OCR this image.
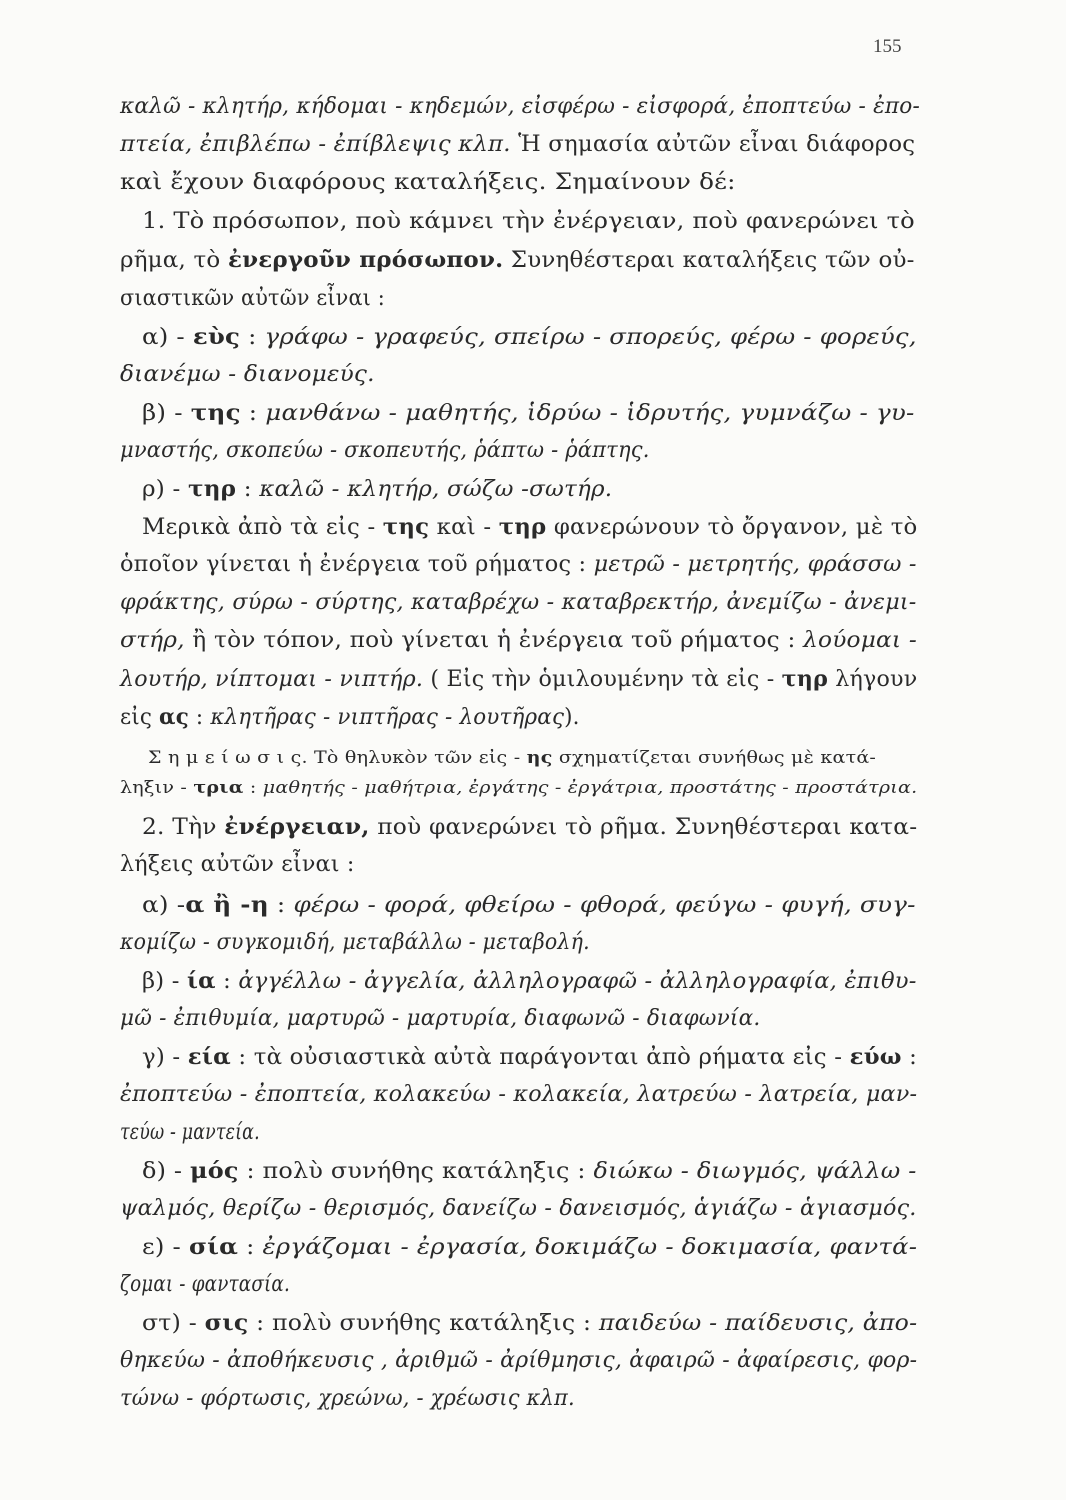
155
καλῶ - κλητήρ, κήδομαι - κηδεμών, εἰσφέρω - εἰσφορά, ἐποπτεύω - ἐπο-
πτεία, ἐπιβλέπω - ἐπίβλεψις κλπ. Ἡ σημασία αὐτῶν εἶναι διάφορος
καὶ ἔχουν διαφόρους καταλήξεις. Σημαίνουν δέ:
1. Τὸ πρόσωπον, ποὺ κάμνει τὴν ἐνέργειαν, ποὺ φανερώνει τὸ
ρῆμα, τὸ ἐνεργοῦν πρόσωπον. Συνηθέστεραι καταλήξεις τῶν οὐ-
σιαστικῶν αὐτῶν εἶναι :
α) - εὺς : γράφω - γραφεύς, σπείρω - σπορεύς, φέρω - φορεύς,
διανέμω - διανομεύς.
β) - της : μανθάνω - μαθητής, ἱδρύω - ἱδρυτής, γυμνάζω - γυ-
μναστής, σκοπεύω - σκοπευτής, ῥάπτω - ῥάπτης.
ρ) - τηρ : καλῶ - κλητήρ, σώζω -σωτήρ.
Μερικὰ ἀπὸ τὰ εἰς - της καὶ - τηρ φανερώνουν τὸ ὄργανον, μὲ τὸ
ὁποῖον γίνεται ἡ ἐνέργεια τοῦ ρήματος : μετρῶ - μετρητής, φράσσω -
φράκτης, σύρω - σύρτης, καταβρέχω - καταβρεκτήρ, ἀνεμίζω - ἀνεμι-
στήρ, ἢ τὸν τόπον, ποὺ γίνεται ἡ ἐνέργεια τοῦ ρήματος : λούομαι -
λουτήρ, νίπτομαι - νιπτήρ. ( Εἰς τὴν ὁμιλουμένην τὰ εἰς - τηρ λήγουν
εἰς ας : κλητῆρας - νιπτῆρας - λουτῆρας).
Σ η μ ε ί ω σ ι ς. Τὸ θηλυκὸν τῶν εἰς - ης σχηματίζεται συνήθως μὲ κατά-
ληξιν - τρια : μαθητής - μαθήτρια, ἐργάτης - ἐργάτρια, προστάτης - προστάτρια.
2. Τὴν ἐνέργειαν, ποὺ φανερώνει τὸ ρῆμα. Συνηθέστεραι κατα-
λήξεις αὐτῶν εἶναι :
α) -α ἢ -η : φέρω - φορά, φθείρω - φθορά, φεύγω - φυγή, συγ-
κομίζω - συγκομιδή, μεταβάλλω - μεταβολή.
β) - ία : ἀγγέλλω - ἀγγελία, ἀλληλογραφῶ - ἀλληλογραφία, ἐπιθυ-
μῶ - ἐπιθυμία, μαρτυρῶ - μαρτυρία, διαφωνῶ - διαφωνία.
γ) - εία : τὰ οὐσιαστικὰ αὐτὰ παράγονται ἀπὸ ρήματα εἰς - εύω :
ἐποπτεύω - ἐποπτεία, κολακεύω - κολακεία, λατρεύω - λατρεία, μαν-
τεύω - μαντεία.
δ) - μός : πολὺ συνήθης κατάληξις : διώκω - διωγμός, ψάλλω -
ψαλμός, θερίζω - θερισμός, δανείζω - δανεισμός, ἁγιάζω - ἁγιασμός.
ε) - σία : ἐργάζομαι - ἐργασία, δοκιμάζω - δοκιμασία, φαντά-
ζομαι - φαντασία.
στ) - σις : πολὺ συνήθης κατάληξις : παιδεύω - παίδευσις, ἀπο-
θηκεύω - ἀποθήκευσις , ἀριθμῶ - ἀρίθμησις, ἀφαιρῶ - ἀφαίρεσις, φορ-
τώνω - φόρτωσις, χρεώνω, - χρέωσις κλπ.
